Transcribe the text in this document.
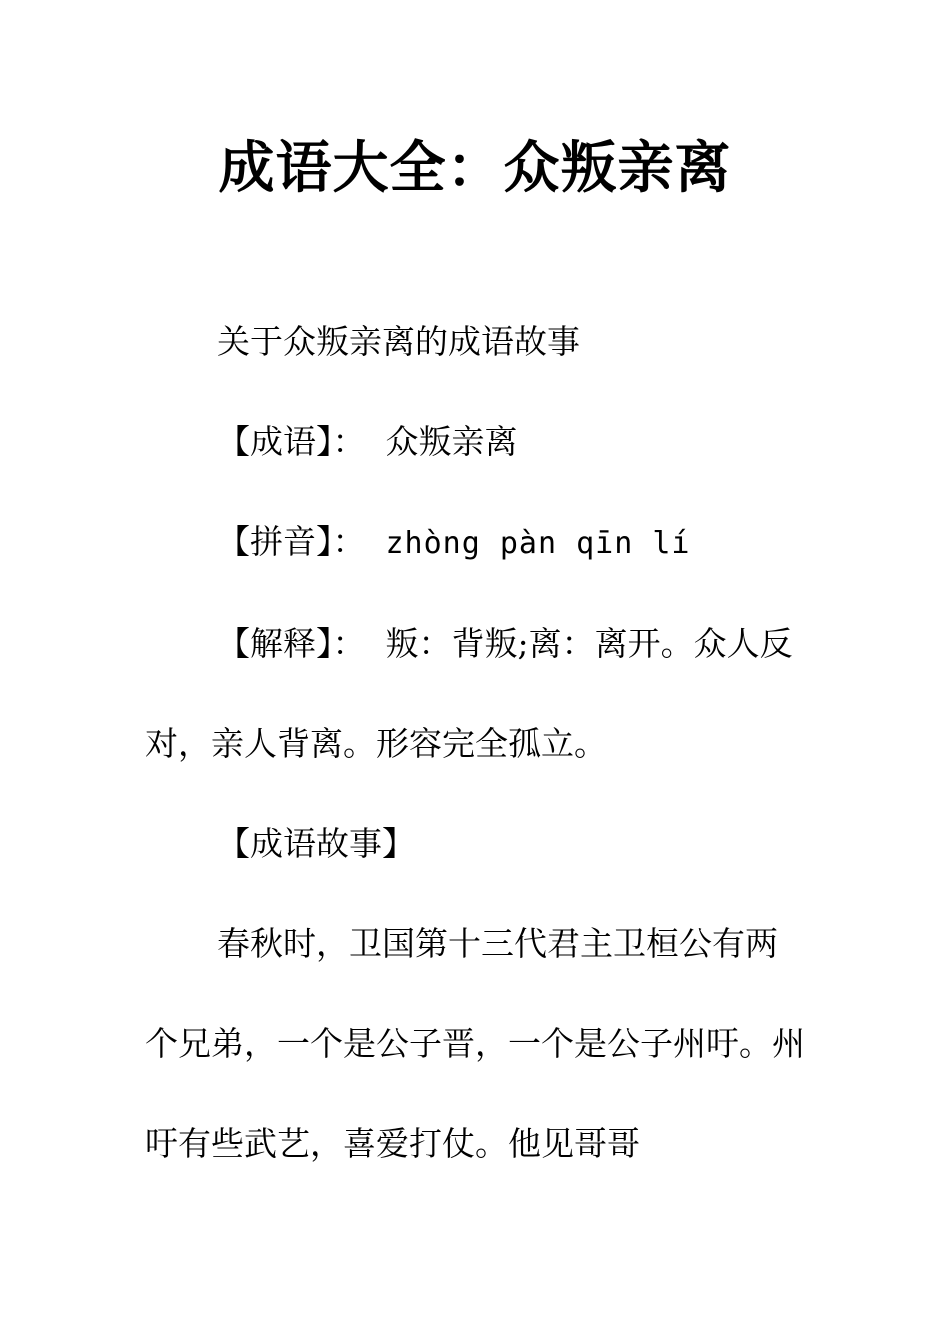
成语大全：众叛亲离

关于众叛亲离的成语故事

【成语】： 众叛亲离

【拼音】： zhòng pàn qīn lí

【解释】： 叛：背叛;离：离开。众人反对，亲人背离。形容完全孤立。

【成语故事】

春秋时，卫国第十三代君主卫桓公有两个兄弟，一个是公子晋，一个是公子州吁。州吁有些武艺，喜爱打仗。他见哥哥
